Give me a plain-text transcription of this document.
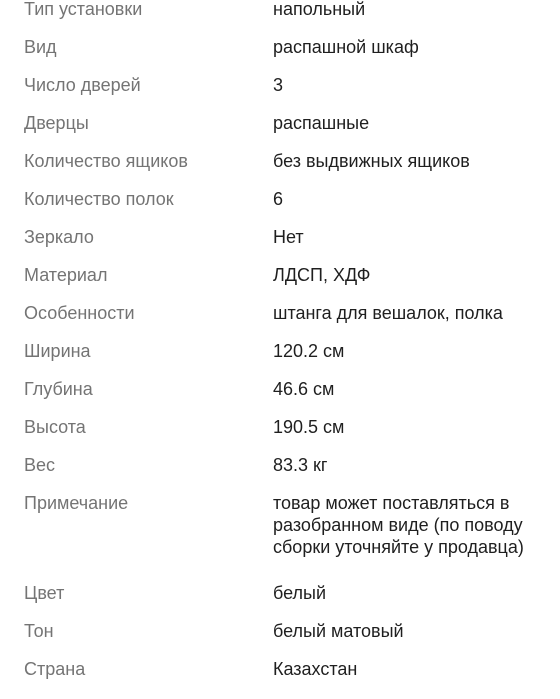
Тип установки	напольный
Вид	распашной шкаф
Число дверей	3
Дверцы	распашные
Количество ящиков	без выдвижных ящиков
Количество полок	6
Зеркало	Нет
Материал	ЛДСП, ХДФ
Особенности	штанга для вешалок, полка
Ширина	120.2 см
Глубина	46.6 см
Высота	190.5 см
Вес	83.3 кг
Примечание	товар может поставляться в разобранном виде (по поводу сборки уточняйте у продавца)
Цвет	белый
Тон	белый матовый
Страна	Казахстан
